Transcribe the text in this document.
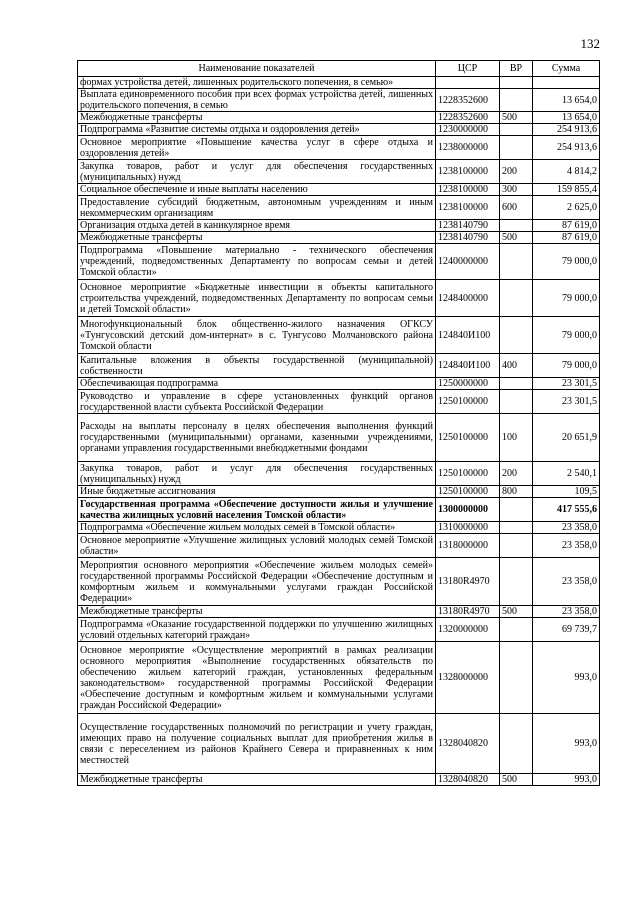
132
Наименование показателей	ЦСР	ВР	Сумма
формах устройства детей, лишенных родительского попечения, в семью»			
Выплата единовременного пособия при всех формах устройства детей, лишенных родительского попечения, в семью	1228352600		13 654,0
Межбюджетные трансферты	1228352600	500	13 654,0
Подпрограмма «Развитие системы отдыха и оздоровления детей»	1230000000		254 913,6
Основное мероприятие «Повышение качества услуг в сфере отдыха и оздоровления детей»	1238000000		254 913,6
Закупка товаров, работ и услуг для обеспечения государственных (муниципальных) нужд	1238100000	200	4 814,2
Социальное обеспечение и иные выплаты населению	1238100000	300	159 855,4
Предоставление субсидий бюджетным, автономным учреждениям и иным некоммерческим организациям	1238100000	600	2 625,0
Организация отдыха детей в каникулярное время	1238140790		87 619,0
Межбюджетные трансферты	1238140790	500	87 619,0
Подпрограмма «Повышение материально - технического обеспечения учреждений, подведомственных Департаменту по вопросам семьи и детей Томской области»	1240000000		79 000,0
Основное мероприятие «Бюджетные инвестиции в объекты капитального строительства учреждений, подведомственных Департаменту по вопросам семьи и детей Томской области»	1248400000		79 000,0
Многофункциональный блок общественно-жилого назначения ОГКСУ «Тунгусовский детский дом-интернат» в с. Тунгусово Молчановского района Томской области	124840И100		79 000,0
Капитальные вложения в объекты государственной (муниципальной) собственности	124840И100	400	79 000,0
Обеспечивающая подпрограмма	1250000000		23 301,5
Руководство и управление в сфере установленных функций органов государственной власти субъекта Российской Федерации	1250100000		23 301,5
Расходы на выплаты персоналу в целях обеспечения выполнения функций государственными (муниципальными) органами, казенными учреждениями, органами управления государственными внебюджетными фондами	1250100000	100	20 651,9
Закупка товаров, работ и услуг для обеспечения государственных (муниципальных) нужд	1250100000	200	2 540,1
Иные бюджетные ассигнования	1250100000	800	109,5
Государственная программа «Обеспечение доступности жилья и улучшение качества жилищных условий населения Томской области»	1300000000		417 555,6
Подпрограмма «Обеспечение жильем молодых семей в Томской области»	1310000000		23 358,0
Основное мероприятие «Улучшение жилищных условий молодых семей Томской области»	1318000000		23 358,0
Мероприятия основного мероприятия «Обеспечение жильем молодых семей» государственной программы Российской Федерации «Обеспечение доступным и комфортным жильем и коммунальными услугами граждан Российской Федерации»	13180R4970		23 358,0
Межбюджетные трансферты	13180R4970	500	23 358,0
Подпрограмма «Оказание государственной поддержки по улучшению жилищных условий отдельных категорий граждан»	1320000000		69 739,7
Основное мероприятие «Осуществление мероприятий в рамках реализации основного мероприятия «Выполнение государственных обязательств по обеспечению жильем категорий граждан, установленных федеральным законодательством» государственной программы Российской Федерации «Обеспечение доступным и комфортным жильем и коммунальными услугами граждан Российской Федерации»	1328000000		993,0
Осуществление государственных полномочий по регистрации и учету граждан, имеющих право на получение социальных выплат для приобретения жилья в связи с переселением из районов Крайнего Севера и приравненных к ним местностей	1328040820		993,0
Межбюджетные трансферты	1328040820	500	993,0
